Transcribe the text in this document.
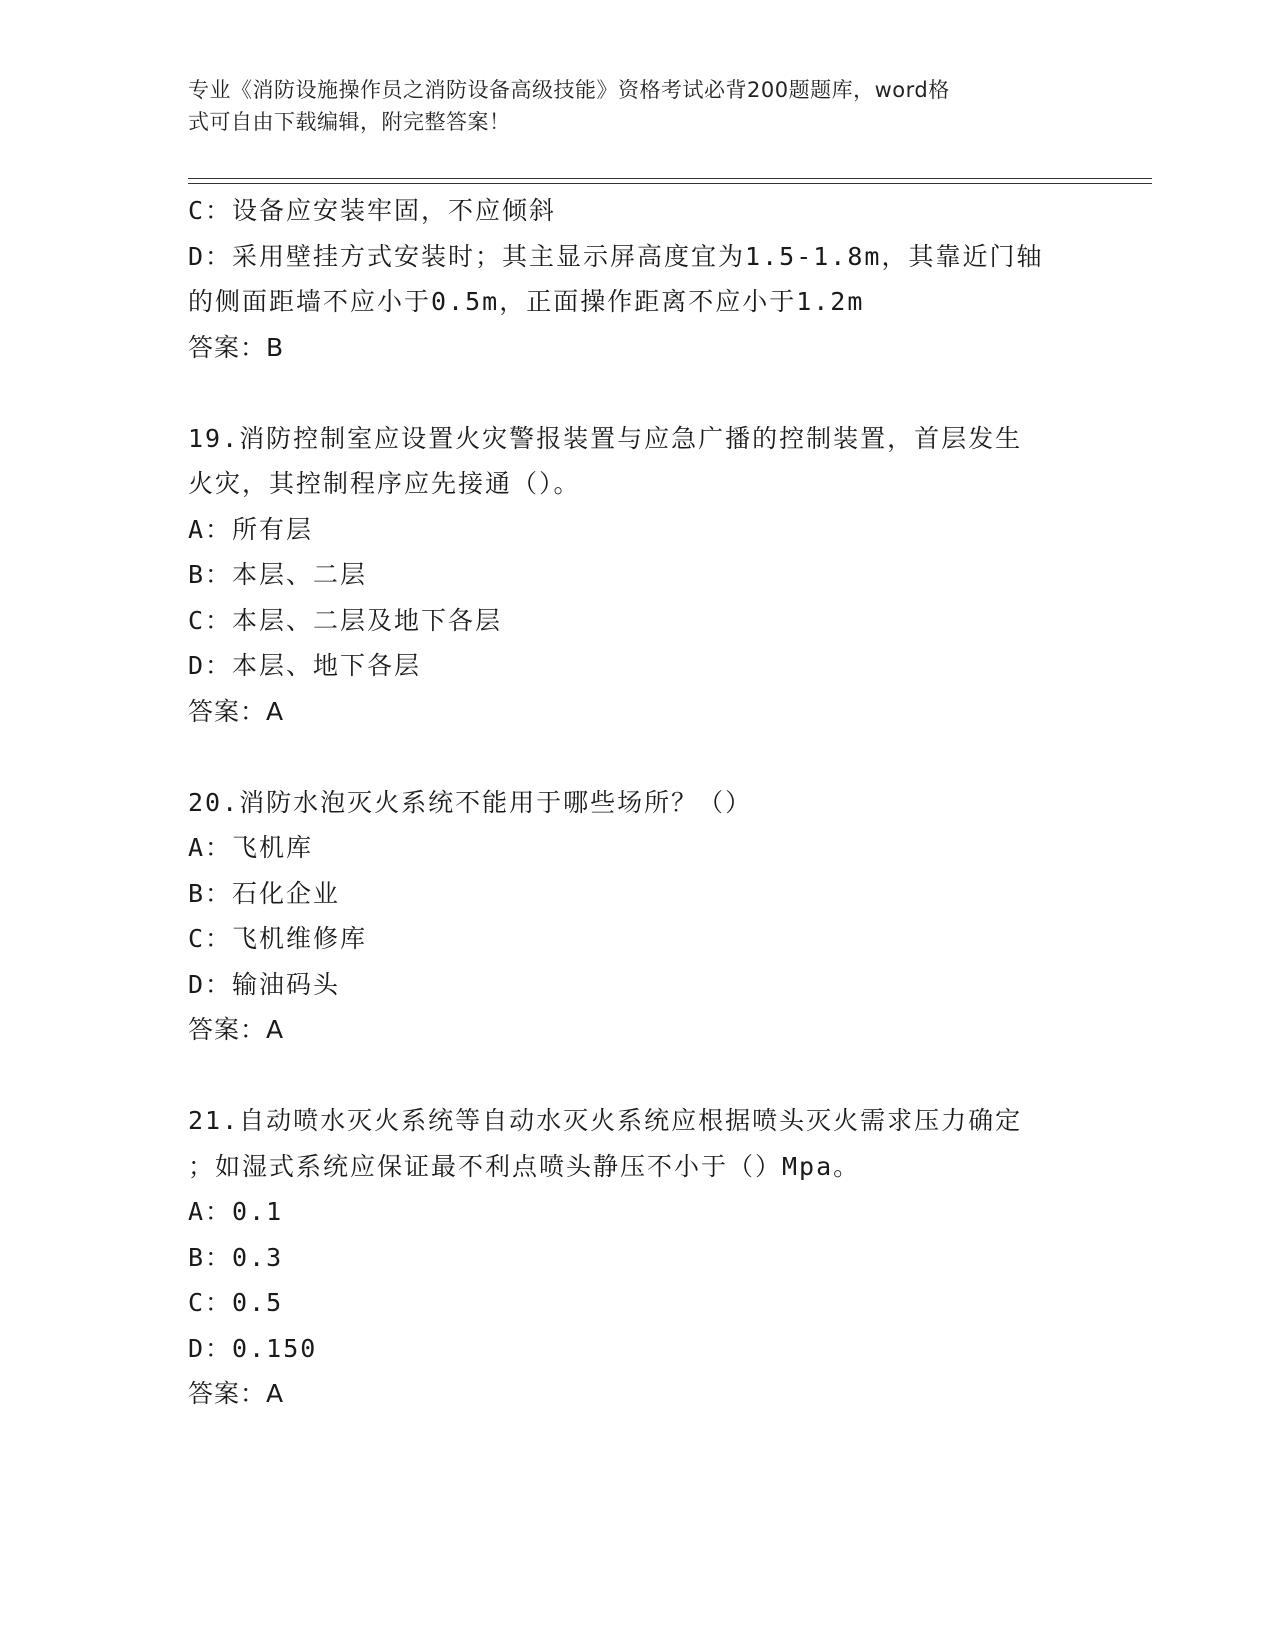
专业《消防设施操作员之消防设备高级技能》资格考试必背200题题库，word格
式可自由下载编辑，附完整答案！
C：设备应安装牢固，不应倾斜
D：采用壁挂方式安装时；其主显示屏高度宜为1.5-1.8m，其靠近门轴
的侧面距墙不应小于0.5m，正面操作距离不应小于1.2m
答案：B
19.消防控制室应设置火灾警报装置与应急广播的控制装置，首层发生
火灾，其控制程序应先接通（）。
A：所有层
B：本层、二层
C：本层、二层及地下各层
D：本层、地下各层
答案：A
20.消防水泡灭火系统不能用于哪些场所？（）
A：飞机库
B：石化企业
C：飞机维修库
D：输油码头
答案：A
21.自动喷水灭火系统等自动水灭火系统应根据喷头灭火需求压力确定
；如湿式系统应保证最不利点喷头静压不小于（）Mpa。
A：0.1
B：0.3
C：0.5
D：0.150
答案：A
